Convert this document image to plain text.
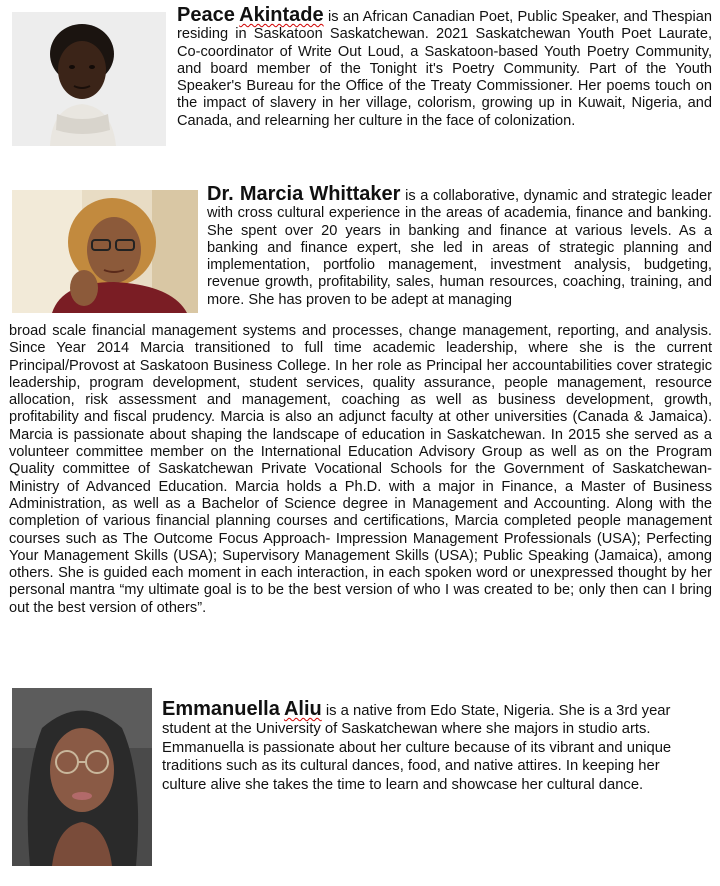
Peace Akintade is an African Canadian Poet, Public Speaker, and Thespian residing in Saskatoon Saskatchewan. 2021 Saskatchewan Youth Poet Laurate, Co-coordinator of Write Out Loud, a Saskatoon-based Youth Poetry Community, and board member of the Tonight it's Poetry Community. Part of the Youth Speaker's Bureau for the Office of the Treaty Commissioner. Her poems touch on the impact of slavery in her village, colorism, growing up in Kuwait, Nigeria, and Canada, and relearning her culture in the face of colonization.

Dr. Marcia Whittaker is a collaborative, dynamic and strategic leader with cross cultural experience in the areas of academia, finance and banking. She spent over 20 years in banking and finance at various levels. As a banking and finance expert, she led in areas of strategic planning and implementation, portfolio management, investment analysis, budgeting, revenue growth, profitability, sales, human resources, coaching, training, and more. She has proven to be adept at managing

broad scale financial management systems and processes, change management, reporting, and analysis. Since Year 2014 Marcia transitioned to full time academic leadership, where she is the current Principal/Provost at Saskatoon Business College. In her role as Principal her accountabilities cover strategic leadership, program development, student services, quality assurance, people management, resource allocation, risk assessment and management, coaching as well as business development, growth, profitability and fiscal prudency. Marcia is also an adjunct faculty at other universities (Canada & Jamaica). Marcia is passionate about shaping the landscape of education in Saskatchewan. In 2015 she served as a volunteer committee member on the International Education Advisory Group as well as on the Program Quality committee of Saskatchewan Private Vocational Schools for the Government of Saskatchewan- Ministry of Advanced Education. Marcia holds a Ph.D. with a major in Finance, a Master of Business Administration, as well as a Bachelor of Science degree in Management and Accounting. Along with the completion of various financial planning courses and certifications, Marcia completed people management courses such as The Outcome Focus Approach- Impression Management Professionals (USA); Perfecting Your Management Skills (USA); Supervisory Management Skills (USA); Public Speaking (Jamaica), among others. She is guided each moment in each interaction, in each spoken word or unexpressed thought by her personal mantra “my ultimate goal is to be the best version of who I was created to be; only then can I bring out the best version of others”.

Emmanuella Aliu is a native from Edo State, Nigeria. She is a 3rd year student at the University of Saskatchewan where she majors in studio arts. Emmanuella is passionate about her culture because of its vibrant and unique traditions such as its cultural dances, food, and native attires. In keeping her culture alive she takes the time to learn and showcase her cultural dance.
